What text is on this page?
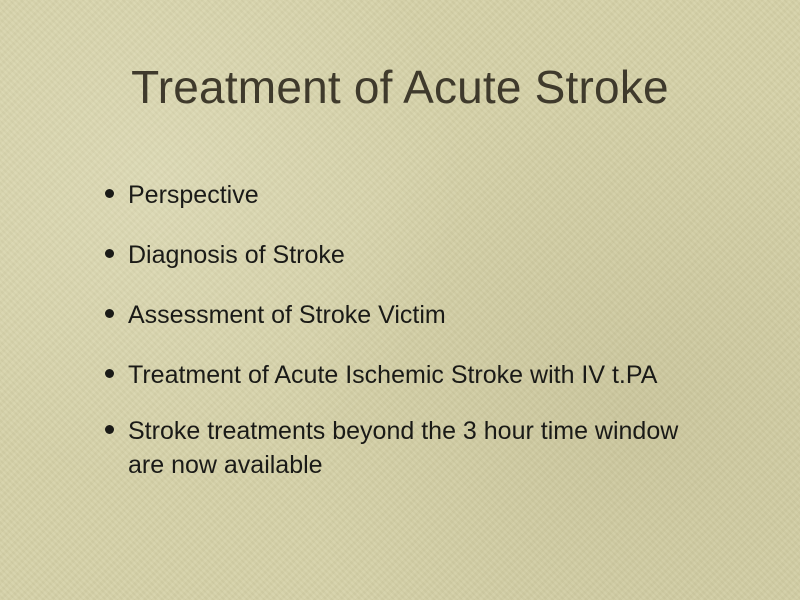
Treatment of Acute Stroke
Perspective
Diagnosis of Stroke
Assessment of Stroke Victim
Treatment of Acute Ischemic Stroke with IV t.PA
Stroke treatments beyond the 3 hour time window are now available
